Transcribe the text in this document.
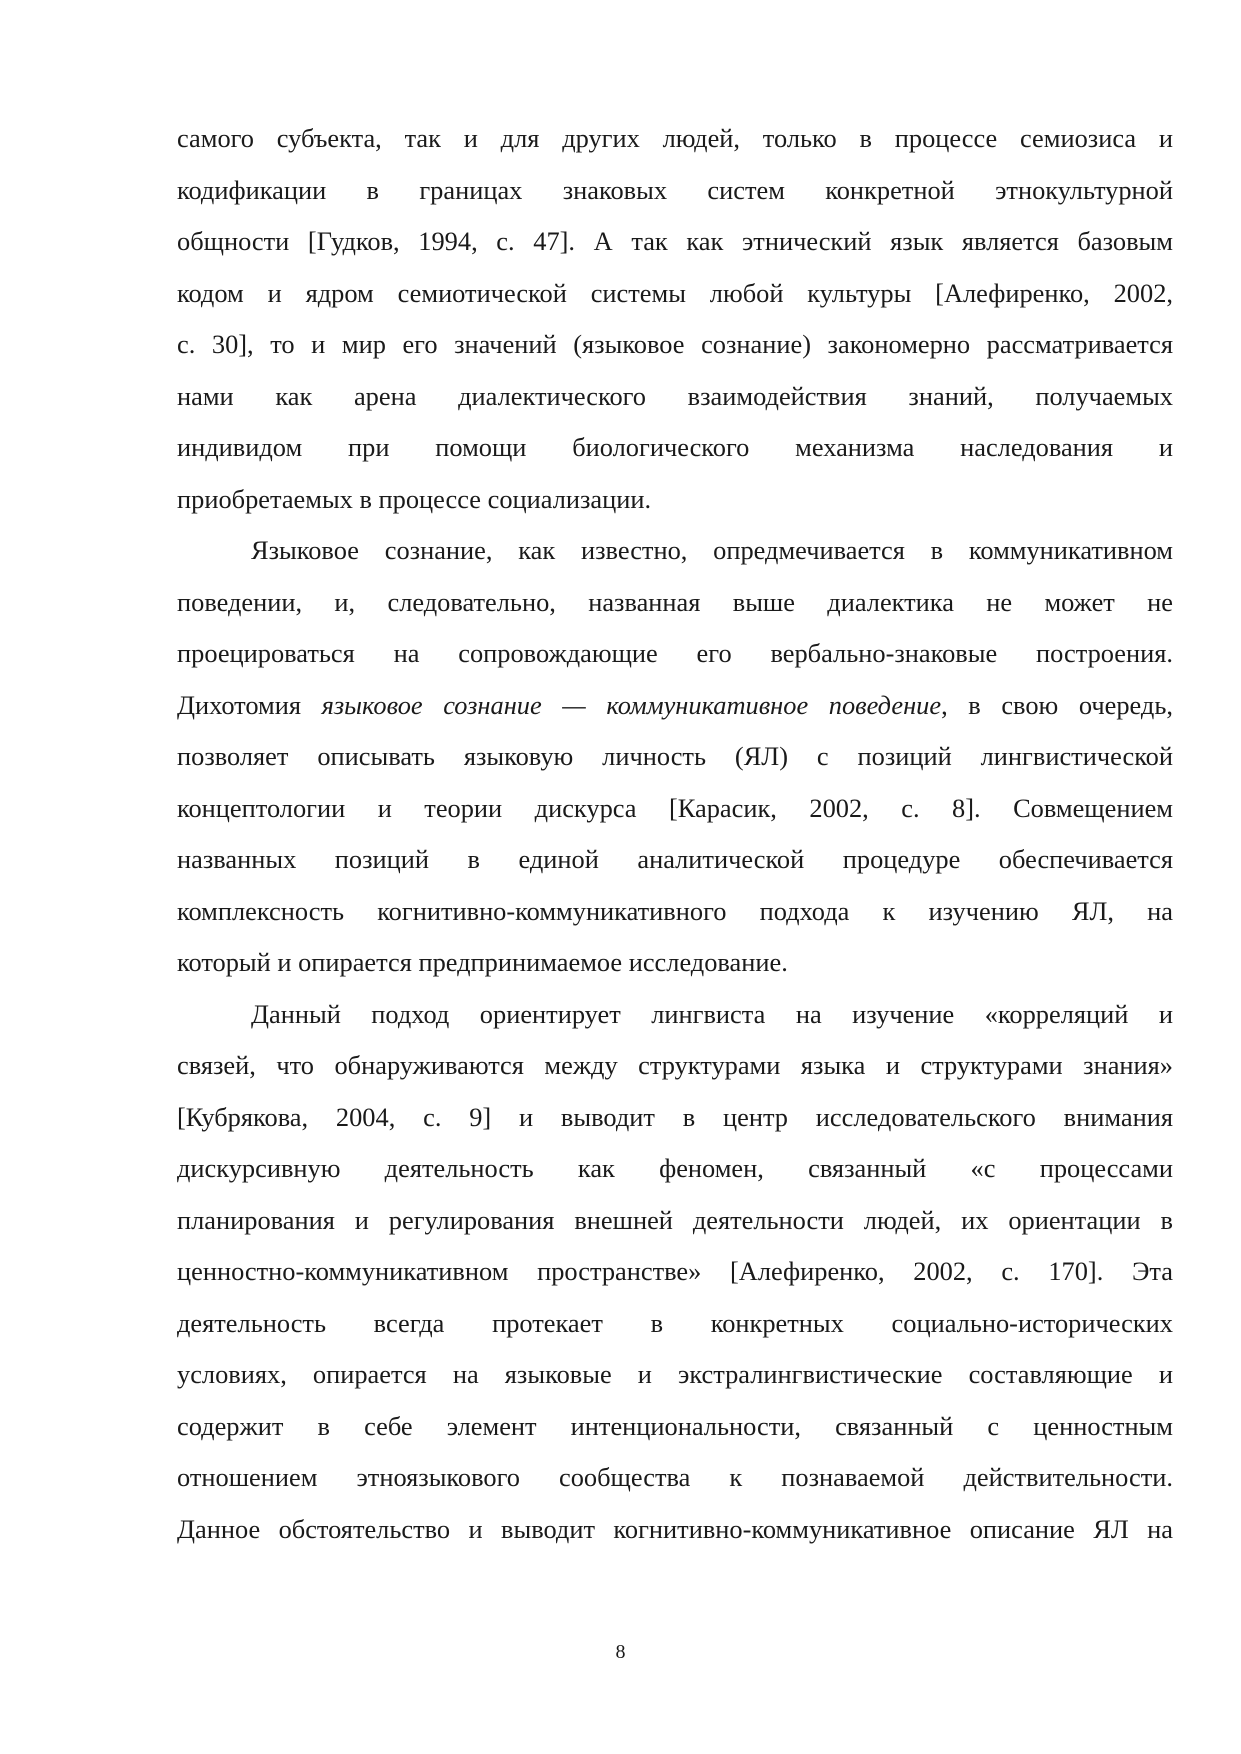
самого субъекта, так и для других людей, только в процессе семиозиса и
кодификации в границах знаковых систем конкретной этнокультурной
общности [Гудков, 1994, с. 47]. А так как этнический язык является базовым
кодом и ядром семиотической системы любой культуры [Алефиренко, 2002,
с. 30], то и мир его значений (языковое сознание) закономерно рассматривается
нами как арена диалектического взаимодействия знаний, получаемых
индивидом при помощи биологического механизма наследования и
приобретаемых в процессе социализации.
Языковое сознание, как известно, опредмечивается в коммуникативном
поведении, и, следовательно, названная выше диалектика не может не
проецироваться на сопровождающие его вербально-знаковые построения.
Дихотомия языковое сознание — коммуникативное поведение, в свою очередь,
позволяет описывать языковую личность (ЯЛ) с позиций лингвистической
концептологии и теории дискурса [Карасик, 2002, с. 8]. Совмещением
названных позиций в единой аналитической процедуре обеспечивается
комплексность когнитивно-коммуникативного подхода к изучению ЯЛ, на
который и опирается предпринимаемое исследование.
Данный подход ориентирует лингвиста на изучение «корреляций и
связей, что обнаруживаются между структурами языка и структурами знания»
[Кубрякова, 2004, с. 9] и выводит в центр исследовательского внимания
дискурсивную деятельность как феномен, связанный «с процессами
планирования и регулирования внешней деятельности людей, их ориентации в
ценностно-коммуникативном пространстве» [Алефиренко, 2002, с. 170]. Эта
деятельность всегда протекает в конкретных социально-исторических
условиях, опирается на языковые и экстралингвистические составляющие и
содержит в себе элемент интенциональности, связанный с ценностным
отношением этноязыкового сообщества к познаваемой действительности.
Данное обстоятельство и выводит когнитивно-коммуникативное описание ЯЛ на
8
